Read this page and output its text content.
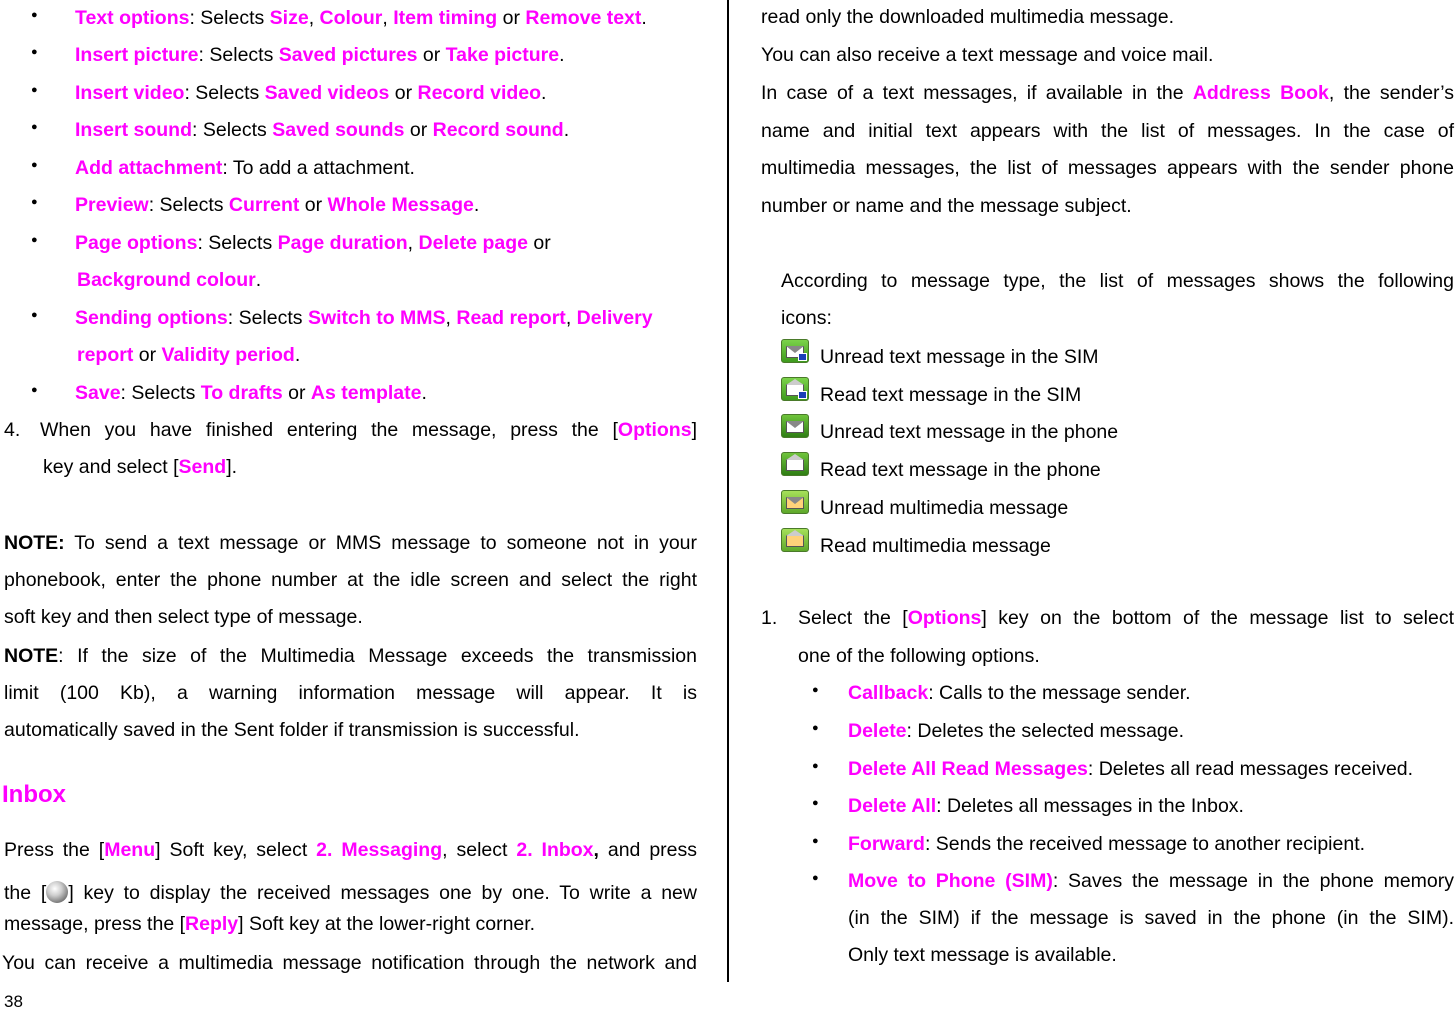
● Text options: Selects Size, Colour, Item timing or Remove text.
● Insert picture: Selects Saved pictures or Take picture.
● Insert video: Selects Saved videos or Record video.
● Insert sound: Selects Saved sounds or Record sound.
● Add attachment: To add a attachment.
● Preview: Selects Current or Whole Message.
● Page options: Selects Page duration, Delete page or
● Sending options: Selects Switch to MMS, Read report, Delivery
● Save: Selects To drafts or As template.
Background colour.
report or Validity period.
4. When you have finished entering the message, press the [Options]
key and select [Send].
NOTE: To send a text message or MMS message to someone not in your
phonebook, enter the phone number at the idle screen and select the right
soft key and then select type of message.
NOTE: If the size of the Multimedia Message exceeds the transmission
limit (100 Kb), a warning information message will appear. It is
automatically saved in the Sent folder if transmission is successful.
Inbox
Press the [Menu] Soft key, select 2. Messaging, select 2. Inbox, and press
the [ ] key to display the received messages one by one. To write a new
message, press the [Reply] Soft key at the lower-right corner.
You can receive a multimedia message notification through the network and
38
read only the downloaded multimedia message.
You can also receive a text message and voice mail.
In case of a text messages, if available in the Address Book, the sender’s
name and initial text appears with the list of messages. In the case of
multimedia messages, the list of messages appears with the sender phone
number or name and the message subject.
According to message type, the list of messages shows the following
icons:
Unread text message in the SIM
Read text message in the SIM
Unread text message in the phone
Read text message in the phone
Unread multimedia message
Read multimedia message
1. Select the [Options] key on the bottom of the message list to select
one of the following options.
● Callback: Calls to the message sender.
● Delete: Deletes the selected message.
● Delete All Read Messages: Deletes all read messages received.
● Delete All: Deletes all messages in the Inbox.
● Forward: Sends the received message to another recipient.
● Move to Phone (SIM): Saves the message in the phone memory
(in the SIM) if the message is saved in the phone (in the SIM).
Only text message is available.
